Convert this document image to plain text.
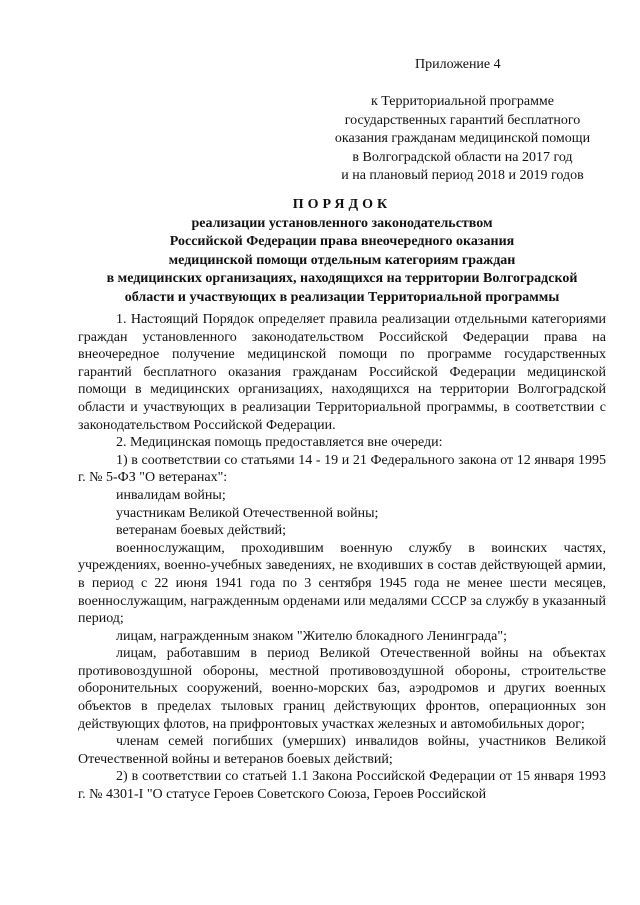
Приложение 4
к Территориальной программе
государственных гарантий бесплатного
оказания гражданам медицинской помощи
в Волгоградской области на 2017 год
и на плановый период 2018 и 2019 годов
ПОРЯДОК
реализации установленного законодательством
Российской Федерации права внеочередного оказания
медицинской помощи отдельным категориям граждан
в медицинских организациях, находящихся на территории Волгоградской
области и участвующих в реализации Территориальной программы

1. Настоящий Порядок определяет правила реализации отдельными категориями граждан установленного законодательством Российской Федерации права на внеочередное получение медицинской помощи по программе государственных гарантий бесплатного оказания гражданам Российской Федерации медицинской помощи в медицинских организациях, находящихся на территории Волгоградской области и участвующих в реализации Территориальной программы, в соответствии с законодательством Российской Федерации.

2. Медицинская помощь предоставляется вне очереди:

1) в соответствии со статьями 14 - 19 и 21 Федерального закона от 12 января 1995 г. № 5-ФЗ "О ветеранах":

инвалидам войны;

участникам Великой Отечественной войны;

ветеранам боевых действий;

военнослужащим, проходившим военную службу в воинских частях, учреждениях, военно-учебных заведениях, не входивших в состав действующей армии, в период с 22 июня 1941 года по 3 сентября 1945 года не менее шести месяцев, военнослужащим, награжденным орденами или медалями СССР за службу в указанный период;

лицам, награжденным знаком "Жителю блокадного Ленинграда";

лицам, работавшим в период Великой Отечественной войны на объектах противовоздушной обороны, местной противовоздушной обороны, строительстве оборонительных сооружений, военно-морских баз, аэродромов и других военных объектов в пределах тыловых границ действующих фронтов, операционных зон действующих флотов, на прифронтовых участках железных и автомобильных дорог;

членам семей погибших (умерших) инвалидов войны, участников Великой Отечественной войны и ветеранов боевых действий;

2) в соответствии со статьей 1.1 Закона Российской Федерации от 15 января 1993 г. № 4301-I "О статусе Героев Советского Союза, Героев Российской
